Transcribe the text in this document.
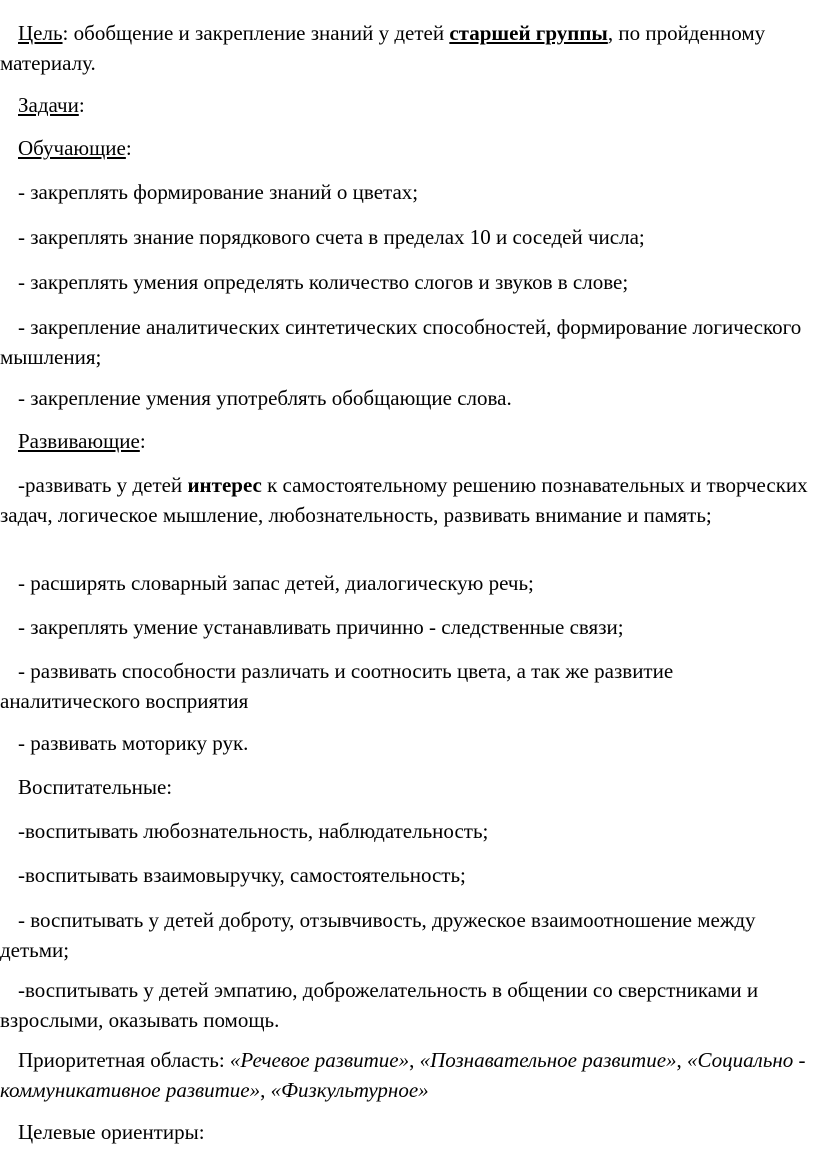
Цель: обобщение и закрепление знаний у детей старшей группы, по пройденному материалу.

Задачи:

Обучающие:

- закреплять формирование знаний о цветах;

- закреплять знание порядкового счета в пределах 10 и соседей числа;

- закреплять умения определять количество слогов и звуков в слове;

- закрепление аналитических синтетических способностей, формирование логического мышления;

- закрепление умения употреблять обобщающие слова.

Развивающие:

-развивать у детей интерес к самостоятельному решению познавательных и творческих задач, логическое мышление, любознательность, развивать внимание и память;

- расширять словарный запас детей, диалогическую речь;

- закреплять умение устанавливать причинно - следственные связи;

- развивать способности различать и соотносить цвета, а так же развитие аналитического восприятия

- развивать моторику рук.

Воспитательные:

-воспитывать любознательность, наблюдательность;

-воспитывать взаимовыручку, самостоятельность;

- воспитывать у детей доброту, отзывчивость, дружеское взаимоотношение между детьми;

-воспитывать у детей эмпатию, доброжелательность в общении со сверстниками и взрослыми, оказывать помощь.

Приоритетная область: «Речевое развитие», «Познавательное развитие», «Социально - коммуникативное развитие», «Физкультурное»

Целевые ориентиры:
